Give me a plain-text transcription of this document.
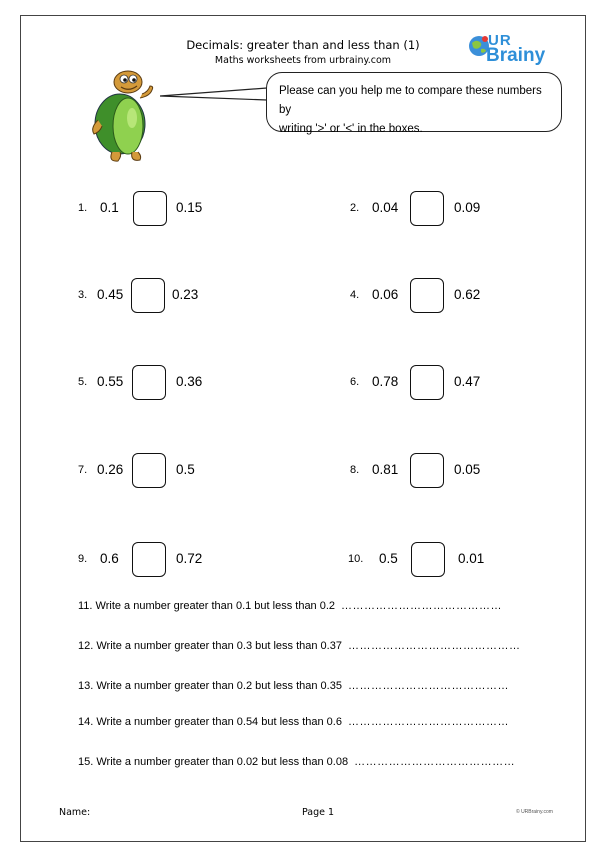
Decimals: greater than and less than (1)
Maths worksheets from urbrainy.com
UR
Brainy
Please can you help me to compare these numbers by
writing '>' or '<' in the boxes.
1. 0.1	0.15	2. 0.04	0.09
3. 0.45	0.23	4. 0.06	0.62
5. 0.55	0.36	6. 0.78	0.47
7. 0.26	0.5	8. 0.81	0.05
9. 0.6	0.72	10. 0.5	0.01
11. Write a number greater than 0.1 but less than 0.2 ……………………………………
12. Write a number greater than 0.3 but less than 0.37 ………………………………………
13. Write a number greater than 0.2 but less than 0.35 ……………………………………
14. Write a number greater than 0.54 but less than 0.6 ……………………………………
15. Write a number greater than 0.02 but less than 0.08 ……………………………………
Name:	Page 1	© URBrainy.com
